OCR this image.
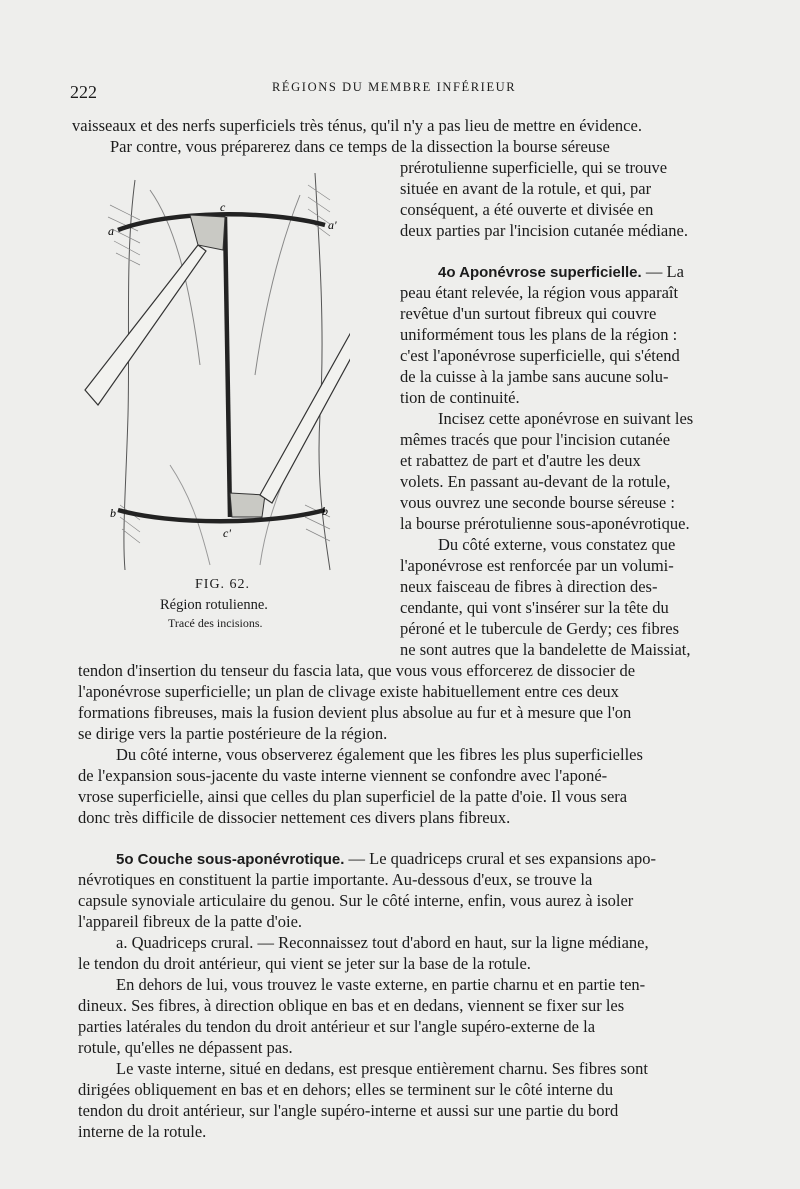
222	RÉGIONS DU MEMBRE INFÉRIEUR
a	a'
c
b	b
c'
FIG. 62.
Région rotulienne.
Tracé des incisions.
vaisseaux et des nerfs superficiels très ténus, qu'il n'y a pas lieu de mettre en évidence.
Par contre, vous préparerez dans ce temps de la dissection la bourse séreuse
prérotulienne superficielle, qui se trouve
située en avant de la rotule, et qui, par
conséquent, a été ouverte et divisée en
deux parties par l'incision cutanée médiane.
4o Aponévrose superficielle. — La
peau étant relevée, la région vous apparaît
revêtue d'un surtout fibreux qui couvre
uniformément tous les plans de la région :
c'est l'aponévrose superficielle, qui s'étend
de la cuisse à la jambe sans aucune solu-
tion de continuité.
Incisez cette aponévrose en suivant les
mêmes tracés que pour l'incision cutanée
et rabattez de part et d'autre les deux
volets. En passant au-devant de la rotule,
vous ouvrez une seconde bourse séreuse :
la bourse prérotulienne sous-aponévrotique.
Du côté externe, vous constatez que
l'aponévrose est renforcée par un volumi-
neux faisceau de fibres à direction des-
cendante, qui vont s'insérer sur la tête du
péroné et le tubercule de Gerdy; ces fibres
ne sont autres que la bandelette de Maissiat,
tendon d'insertion du tenseur du fascia lata, que vous vous efforcerez de dissocier de
l'aponévrose superficielle; un plan de clivage existe habituellement entre ces deux
formations fibreuses, mais la fusion devient plus absolue au fur et à mesure que l'on
se dirige vers la partie postérieure de la région.
Du côté interne, vous observerez également que les fibres les plus superficielles
de l'expansion sous-jacente du vaste interne viennent se confondre avec l'aponé-
vrose superficielle, ainsi que celles du plan superficiel de la patte d'oie. Il vous sera
donc très difficile de dissocier nettement ces divers plans fibreux.
5o Couche sous-aponévrotique. — Le quadriceps crural et ses expansions apo-
névrotiques en constituent la partie importante. Au-dessous d'eux, se trouve la
capsule synoviale articulaire du genou. Sur le côté interne, enfin, vous aurez à isoler
l'appareil fibreux de la patte d'oie.
a. Quadriceps crural. — Reconnaissez tout d'abord en haut, sur la ligne médiane,
le tendon du droit antérieur, qui vient se jeter sur la base de la rotule.
En dehors de lui, vous trouvez le vaste externe, en partie charnu et en partie ten-
dineux. Ses fibres, à direction oblique en bas et en dedans, viennent se fixer sur les
parties latérales du tendon du droit antérieur et sur l'angle supéro-externe de la
rotule, qu'elles ne dépassent pas.
Le vaste interne, situé en dedans, est presque entièrement charnu. Ses fibres sont
dirigées obliquement en bas et en dehors; elles se terminent sur le côté interne du
tendon du droit antérieur, sur l'angle supéro-interne et aussi sur une partie du bord
interne de la rotule.
